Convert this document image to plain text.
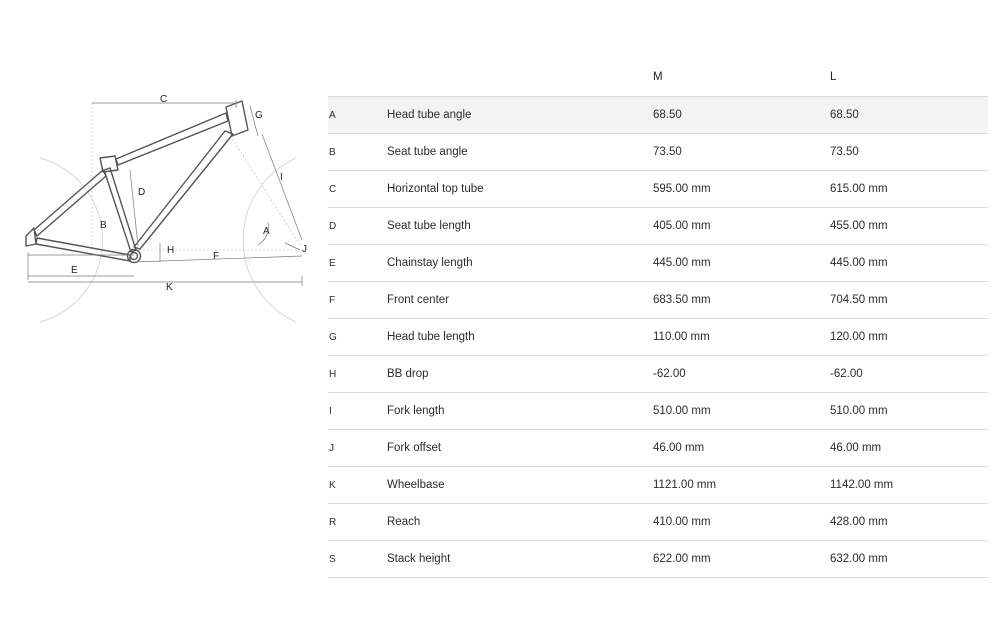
C
G
D
B
I
A
H	J
F
E
K
		M	L
A	Head tube angle	68.50	68.50
B	Seat tube angle	73.50	73.50
C	Horizontal top tube	595.00 mm	615.00 mm
D	Seat tube length	405.00 mm	455.00 mm
E	Chainstay length	445.00 mm	445.00 mm
F	Front center	683.50 mm	704.50 mm
G	Head tube length	110.00 mm	120.00 mm
H	BB drop	-62.00	-62.00
I	Fork length	510.00 mm	510.00 mm
J	Fork offset	46.00 mm	46.00 mm
K	Wheelbase	1121.00 mm	1142.00 mm
R	Reach	410.00 mm	428.00 mm
S	Stack height	622.00 mm	632.00 mm
